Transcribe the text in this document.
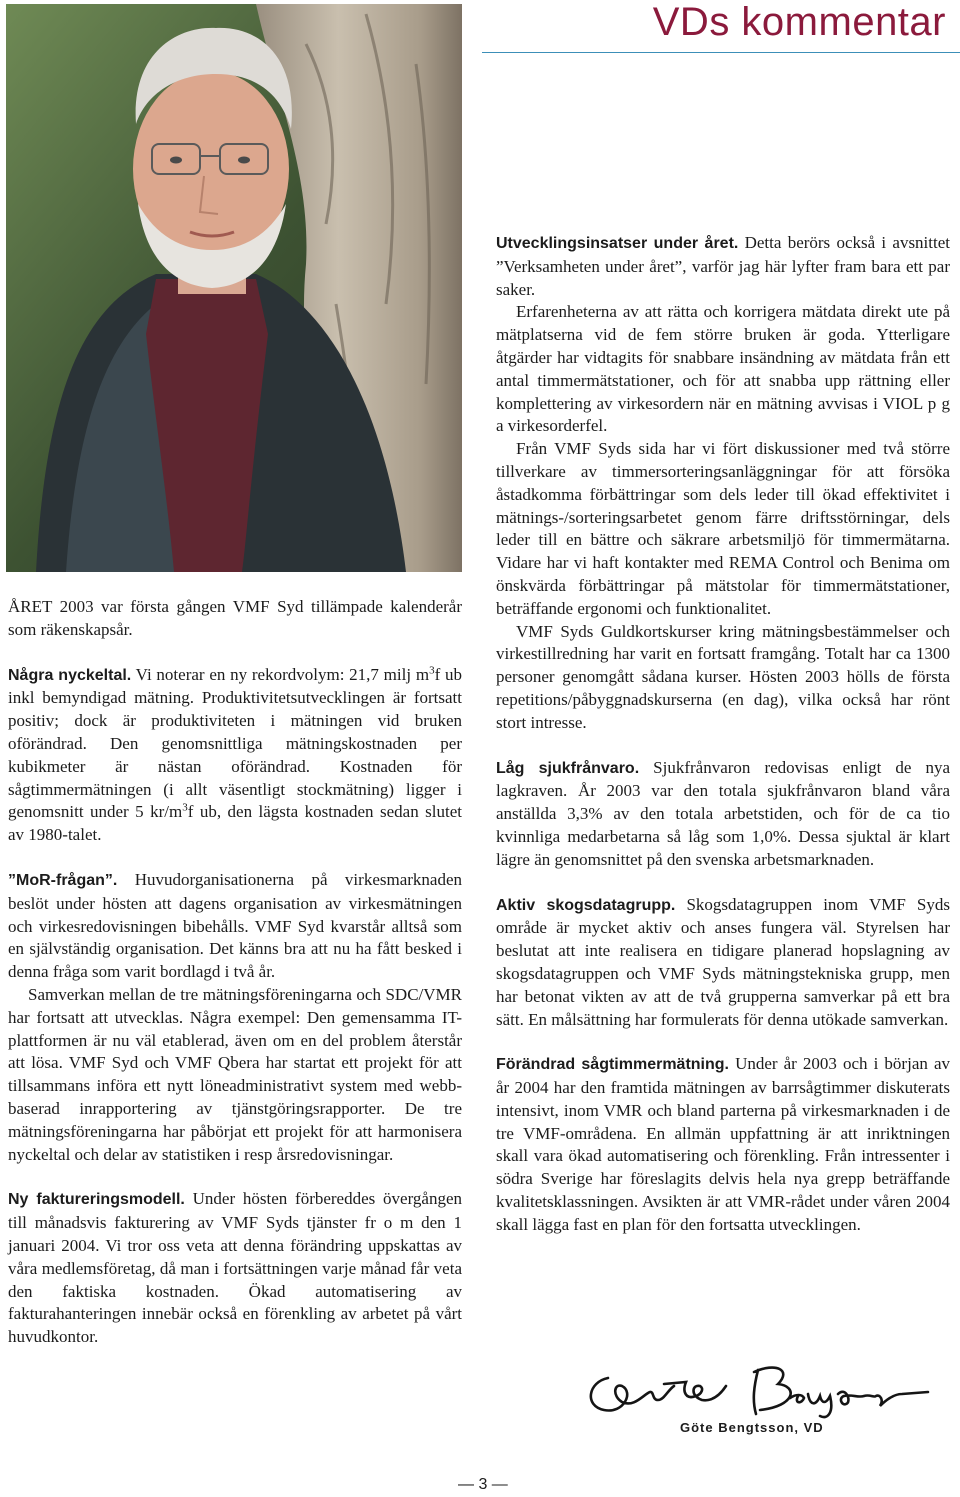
VDs kommentar

ÅRET 2003 var första gången VMF Syd tillämpade kalenderår som räkenskapsår.

Några nyckeltal. Vi noterar en ny rekordvolym: 21,7 milj $m^3f$ ub inkl bemyndigad mätning. Produktivitetsutvecklingen är fortsatt positiv; dock är produktiviteten i mätningen vid bruken oförändrad. Den genomsnittliga mätningskostnaden per kubikmeter är nästan oförändrad. Kostnaden för sågtimmermätningen (i allt väsentligt stockmätning) ligger i genomsnitt under 5 $kr/m^3f$ ub, den lägsta kostnaden sedan slutet av 1980-talet.

”MoR-frågan”. Huvudorganisationerna på virkesmarknaden beslöt under hösten att dagens organisation av virkesmätningen och virkesredovisningen bibehålls. VMF Syd kvarstår alltså som en självständig organisation. Det känns bra att nu ha fått besked i denna fråga som varit bordlagd i två år.

Samverkan mellan de tre mätningsföreningarna och SDC/VMR har fortsatt att utvecklas. Några exempel: Den gemensamma IT-plattformen är nu väl etablerad, även om en del problem återstår att lösa. VMF Syd och VMF Qbera har startat ett projekt för att tillsammans införa ett nytt löneadministrativt system med webb-baserad inrapportering av tjänstgöringsrapporter. De tre mätningsföreningarna har påbörjat ett projekt för att harmonisera nyckeltal och delar av statistiken i resp årsredovisningar.

Ny faktureringsmodell. Under hösten förbereddes övergången till månadsvis fakturering av VMF Syds tjänster fr o m den 1 januari 2004. Vi tror oss veta att denna förändring uppskattas av våra medlemsföretag, då man i fortsättningen varje månad får veta den faktiska kostnaden. Ökad automatisering av fakturahanteringen innebär också en förenkling av arbetet på vårt huvudkontor.

Utvecklingsinsatser under året. Detta berörs också i avsnittet ”Verksamheten under året”, varför jag här lyfter fram bara ett par saker.

Erfarenheterna av att rätta och korrigera mätdata direkt ute på mätplatserna vid de fem större bruken är goda. Ytterligare åtgärder har vidtagits för snabbare insändning av mätdata från ett antal timmermätstationer, och för att snabba upp rättning eller komplettering av virkesordern när en mätning avvisas i VIOL p g a virkesorderfel.

Från VMF Syds sida har vi fört diskussioner med två större tillverkare av timmersorteringsanläggningar för att försöka åstadkomma förbättringar som dels leder till ökad effektivitet i mätnings-/sorteringsarbetet genom färre driftsstörningar, dels leder till en bättre och säkrare arbetsmiljö för timmermätarna. Vidare har vi haft kontakter med REMA Control och Benima om önskvärda förbättringar på mätstolar för timmermätstationer, beträffande ergonomi och funktionalitet.

VMF Syds Guldkortskurser kring mätningsbestämmelser och virkestillredning har varit en fortsatt framgång. Totalt har ca 1300 personer genomgått sådana kurser. Hösten 2003 hölls de första repetitions/påbyggnadskurserna (en dag), vilka också har rönt stort intresse.

Låg sjukfrånvaro. Sjukfrånvaron redovisas enligt de nya lagkraven. År 2003 var den totala sjukfrånvaron bland våra anställda 3,3% av den totala arbetstiden, och för de ca tio kvinnliga medarbetarna så låg som 1,0%. Dessa sjuktal är klart lägre än genomsnittet på den svenska arbetsmarknaden.

Aktiv skogsdatagrupp. Skogsdatagruppen inom VMF Syds område är mycket aktiv och anses fungera väl. Styrelsen har beslutat att inte realisera en tidigare planerad hopslagning av skogsdatagruppen och VMF Syds mätningstekniska grupp, men har betonat vikten av att de två grupperna samverkar på ett bra sätt. En målsättning har formulerats för denna utökade samverkan.

Förändrad sågtimmermätning. Under år 2003 och i början av år 2004 har den framtida mätningen av barrsågtimmer diskuterats intensivt, inom VMR och bland parterna på virkesmarknaden i de tre VMF-områdena. En allmän uppfattning är att inriktningen skall vara ökad automatisering och förenkling. Från intressenter i södra Sverige har föreslagits delvis hela nya grepp beträffande kvalitetsklassningen. Avsikten är att VMR-rådet under våren 2004 skall lägga fast en plan för den fortsatta utvecklingen.

Göte Bengtsson, VD
— 3 —
